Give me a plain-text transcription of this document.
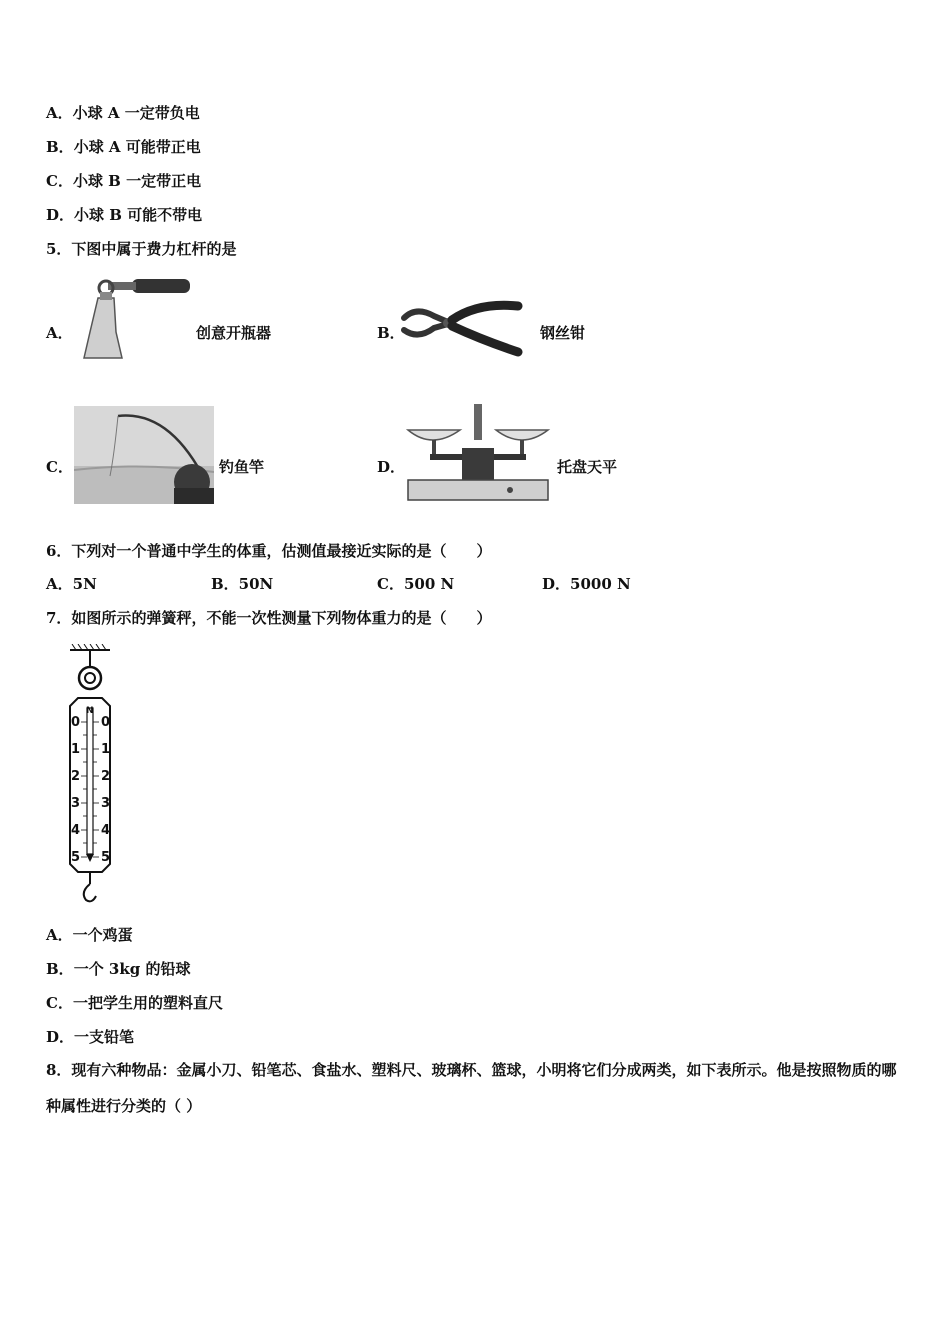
A．小球 A 一定带负电
B．小球 A 可能带正电
C．小球 B 一定带正电
D．小球 B 可能不带电
5．下图中属于费力杠杆的是
A．	创意开瓶器	B．	钢丝钳
C．	钓鱼竿	D．	托盘天平
6．下列对一个普通中学生的体重，估测值最接近实际的是（　　）
A．5N	B．50N	C．500 N	D．5000 N
7．如图所示的弹簧秤，不能一次性测量下列物体重力的是（　　）
N
0
1
2
3
4
5
0
1
2
3
4
5
A．一个鸡蛋
B．一个 3kg 的铅球
C．一把学生用的塑料直尺
D．一支铅笔
8．现有六种物品：金属小刀、铅笔芯、食盐水、塑料尺、玻璃杯、篮球，小明将它们分成两类，如下表所示。他是按照物质的哪种属性进行分类的（ ）
